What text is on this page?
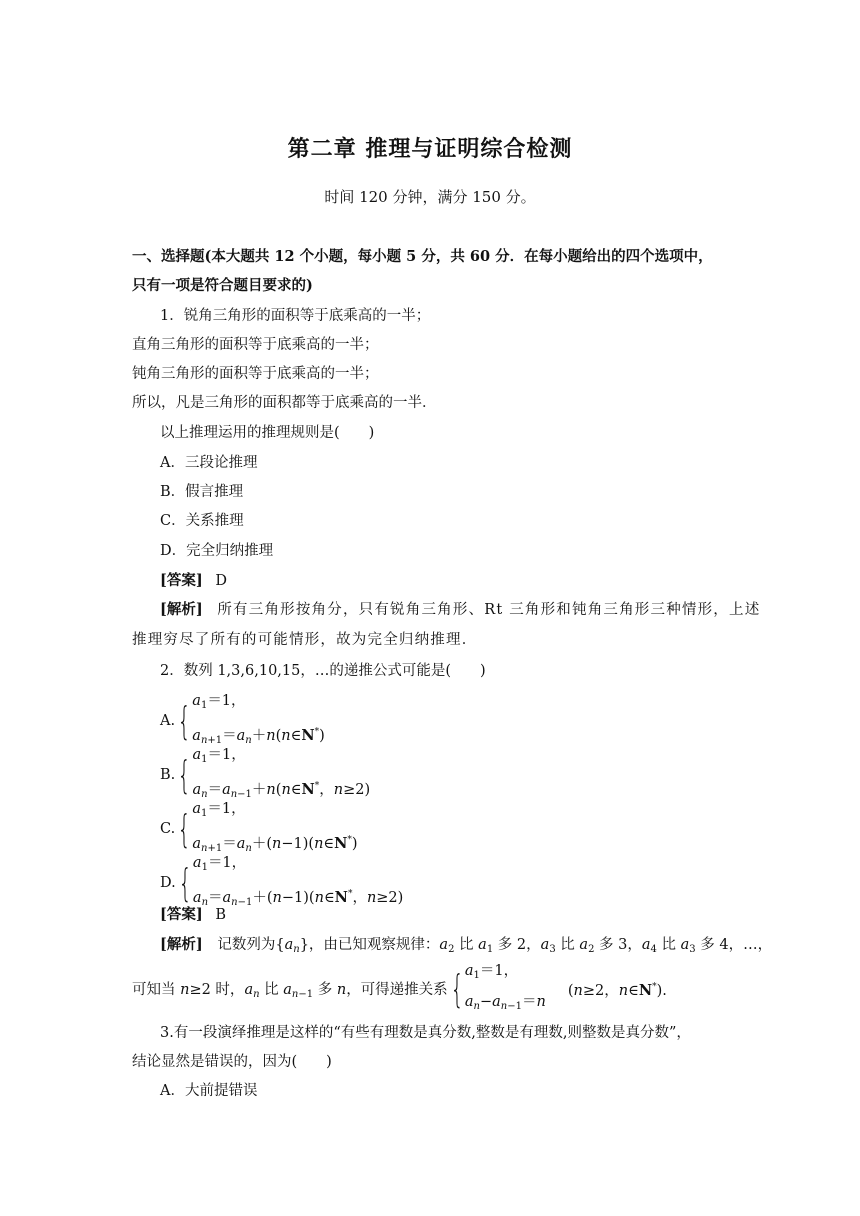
第二章 推理与证明综合检测
时间 120 分钟，满分 150 分。
一、选择题(本大题共 12 个小题，每小题 5 分，共 60 分．在每小题给出的四个选项中，
只有一项是符合题目要求的)
1．锐角三角形的面积等于底乘高的一半；
直角三角形的面积等于底乘高的一半；
钝角三角形的面积等于底乘高的一半；
所以，凡是三角形的面积都等于底乘高的一半．
以上推理运用的推理规则是(　　)
A．三段论推理
B．假言推理
C．关系推理
D．完全归纳推理
[答案] D
[解析] 所有三角形按角分，只有锐角三角形、Rt 三角形和钝角三角形三种情形，上述
推理穷尽了所有的可能情形，故为完全归纳推理．
2．数列 1,3,6,10,15，…的递推公式可能是(　　)
A. { $a_1=1$，
$a_{n+1}=a_n+n(n\in N^*)$
B. { $a_1=1$，
$a_n=a_{n-1}+n(n\in N^*$，n≥2)
C. { $a_1=1$，
$a_{n+1}=a_n+(n-1)(n\in N^*)$
D. { $a_1=1$，
$a_n=a_{n-1}+(n-1)(n\in N^*$，n≥2)
[答案] B
[解析] 记数列为$\{a_n\}$，由已知观察规律：$a_2$ 比 $a_1$ 多 2，$a_3$ 比 $a_2$ 多 3，$a_4$ 比 $a_3$ 多 4，…，
可知当 n≥2 时，$a_n$ 比 $a_{n-1}$ 多 n，可得递推关系 { $a_1=1$，
$a_n-a_{n-1}=n$
(n≥2，n∈N*).
3.有一段演绎推理是这样的“有些有理数是真分数,整数是有理数,则整数是真分数”，
结论显然是错误的，因为(　　)
A．大前提错误
